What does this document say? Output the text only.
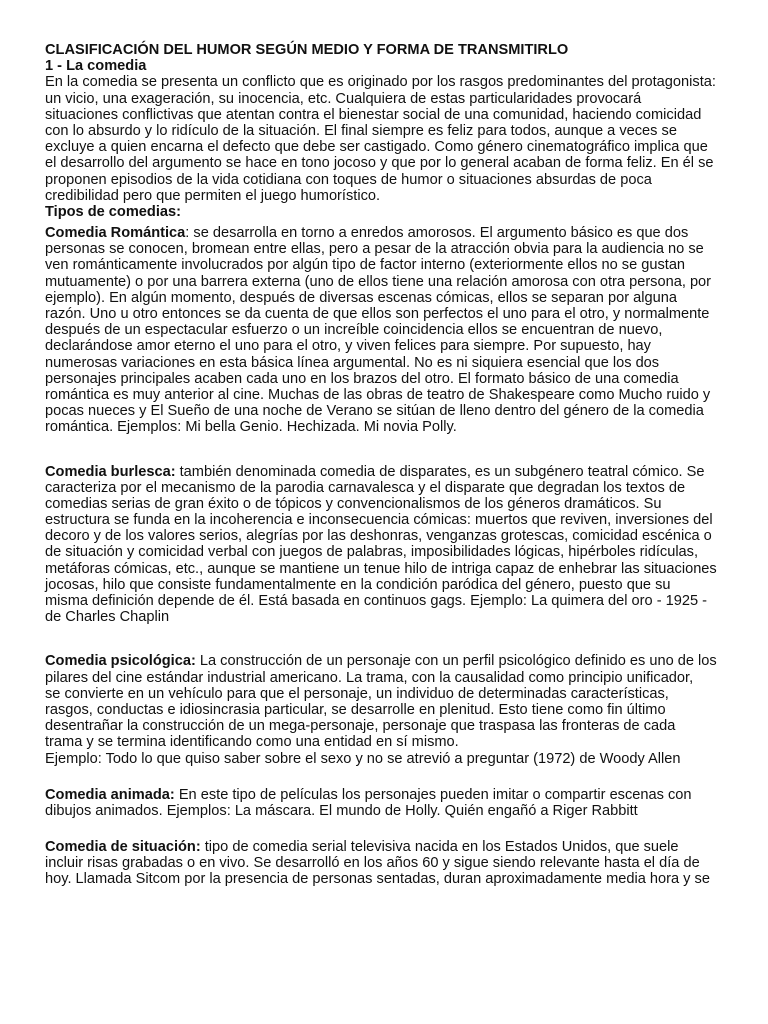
CLASIFICACIÓN DEL HUMOR SEGÚN MEDIO Y FORMA DE TRANSMITIRLO
1 - La comedia
En la comedia se presenta un conflicto que es originado por los rasgos predominantes del protagonista:
un vicio, una exageración, su inocencia, etc. Cualquiera de estas particularidades provocará
situaciones conflictivas que atentan contra el bienestar social de una comunidad, haciendo comicidad
con lo absurdo y lo ridículo de la situación. El final siempre es feliz para todos, aunque a veces se
excluye a quien encarna el defecto que debe ser castigado. Como género cinematográfico implica que
el desarrollo del argumento se hace en tono jocoso y que por lo general acaban de forma feliz. En él se
proponen episodios de la vida cotidiana con toques de humor o situaciones absurdas de poca
credibilidad pero que permiten el juego humorístico.
Tipos de comedias:
Comedia Romántica: se desarrolla en torno a enredos amorosos. El argumento básico es que dos
personas se conocen, bromean entre ellas, pero a pesar de la atracción obvia para la audiencia no se
ven románticamente involucrados por algún tipo de factor interno (exteriormente ellos no se gustan
mutuamente) o por una barrera externa (uno de ellos tiene una relación amorosa con otra persona, por
ejemplo). En algún momento, después de diversas escenas cómicas, ellos se separan por alguna
razón. Uno u otro entonces se da cuenta de que ellos son perfectos el uno para el otro, y normalmente
después de un espectacular esfuerzo o un increíble coincidencia ellos se encuentran de nuevo,
declarándose amor eterno el uno para el otro, y viven felices para siempre. Por supuesto, hay
numerosas variaciones en esta básica línea argumental. No es ni siquiera esencial que los dos
personajes principales acaben cada uno en los brazos del otro. El formato básico de una comedia
romántica es muy anterior al cine. Muchas de las obras de teatro de Shakespeare como Mucho ruido y
pocas nueces y El Sueño de una noche de Verano se sitúan de lleno dentro del género de la comedia
romántica. Ejemplos: Mi bella Genio. Hechizada. Mi novia Polly.
Comedia burlesca: también denominada comedia de disparates, es un subgénero teatral cómico. Se
caracteriza por el mecanismo de la parodia carnavalesca y el disparate que degradan los textos de
comedias serias de gran éxito o de tópicos y convencionalismos de los géneros dramáticos. Su
estructura se funda en la incoherencia e inconsecuencia cómicas: muertos que reviven, inversiones del
decoro y de los valores serios, alegrías por las deshonras, venganzas grotescas, comicidad escénica o
de situación y comicidad verbal con juegos de palabras, imposibilidades lógicas, hipérboles ridículas,
metáforas cómicas, etc., aunque se mantiene un tenue hilo de intriga capaz de enhebrar las situaciones
jocosas, hilo que consiste fundamentalmente en la condición paródica del género, puesto que su
misma definición depende de él. Está basada en continuos gags. Ejemplo: La quimera del oro - 1925 -
de Charles Chaplin
Comedia psicológica: La construcción de un personaje con un perfil psicológico definido es uno de los
pilares del cine estándar industrial americano. La trama, con la causalidad como principio unificador,
se convierte en un vehículo para que el personaje, un individuo de determinadas características,
rasgos, conductas e idiosincrasia particular, se desarrolle en plenitud. Esto tiene como fin último
desentrañar la construcción de un mega-personaje, personaje que traspasa las fronteras de cada
trama y se termina identificando como una entidad en sí mismo.
Ejemplo: Todo lo que quiso saber sobre el sexo y no se atrevió a preguntar (1972) de Woody Allen
Comedia animada: En este tipo de películas los personajes pueden imitar o compartir escenas con
dibujos animados. Ejemplos: La máscara. El mundo de Holly. Quién engañó a Riger Rabbitt
Comedia de situación: tipo de comedia serial televisiva nacida en los Estados Unidos, que suele
incluir risas grabadas o en vivo. Se desarrolló en los años 60 y sigue siendo relevante hasta el día de
hoy. Llamada Sitcom por la presencia de personas sentadas, duran aproximadamente media hora y se
